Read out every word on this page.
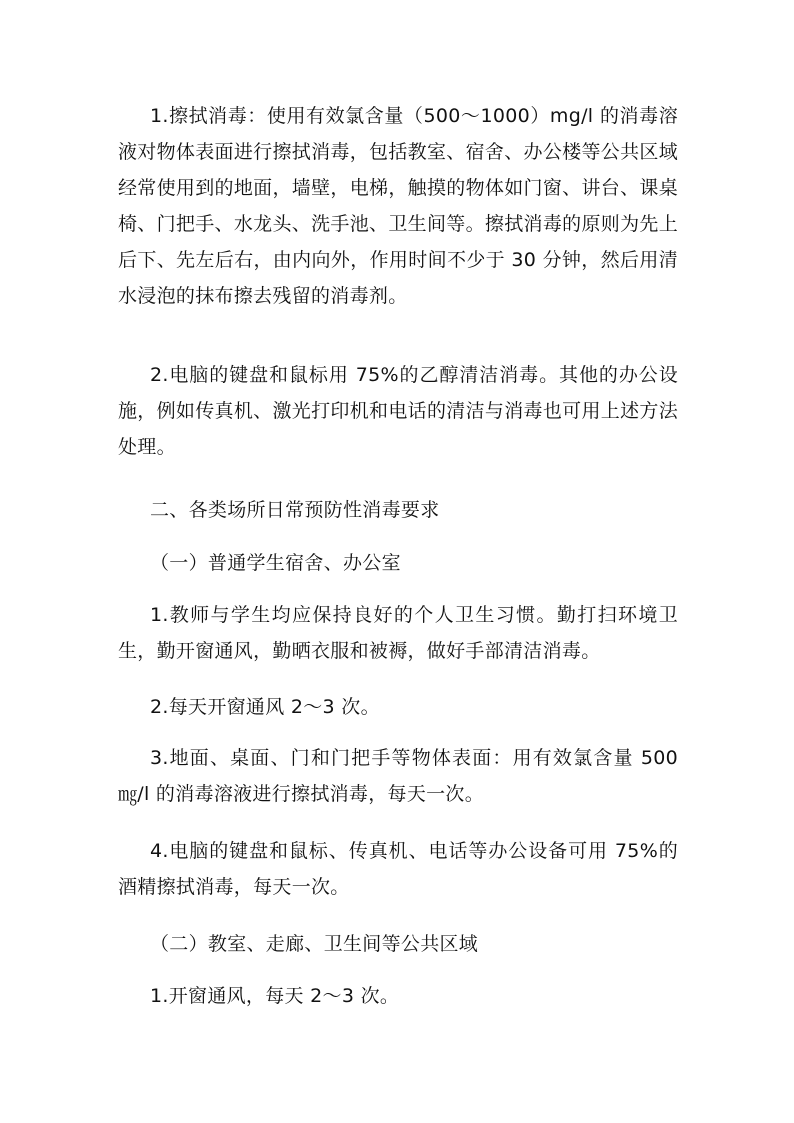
1.擦拭消毒：使用有效氯含量（500～1000）mg/l 的消毒溶液对物体表面进行擦拭消毒，包括教室、宿舍、办公楼等公共区域经常使用到的地面，墙壁，电梯，触摸的物体如门窗、讲台、课桌椅、门把手、水龙头、洗手池、卫生间等。擦拭消毒的原则为先上后下、先左后右，由内向外，作用时间不少于 30 分钟，然后用清水浸泡的抹布擦去残留的消毒剂。

2.电脑的键盘和鼠标用 75%的乙醇清洁消毒。其他的办公设施，例如传真机、激光打印机和电话的清洁与消毒也可用上述方法处理。

二、各类场所日常预防性消毒要求

（一）普通学生宿舍、办公室

1.教师与学生均应保持良好的个人卫生习惯。勤打扫环境卫生，勤开窗通风，勤晒衣服和被褥，做好手部清洁消毒。

2.每天开窗通风 2～3 次。

3.地面、桌面、门和门把手等物体表面：用有效氯含量 500㎎/l 的消毒溶液进行擦拭消毒，每天一次。

4.电脑的键盘和鼠标、传真机、电话等办公设备可用 75%的酒精擦拭消毒，每天一次。

（二）教室、走廊、卫生间等公共区域

1.开窗通风，每天 2～3 次。
